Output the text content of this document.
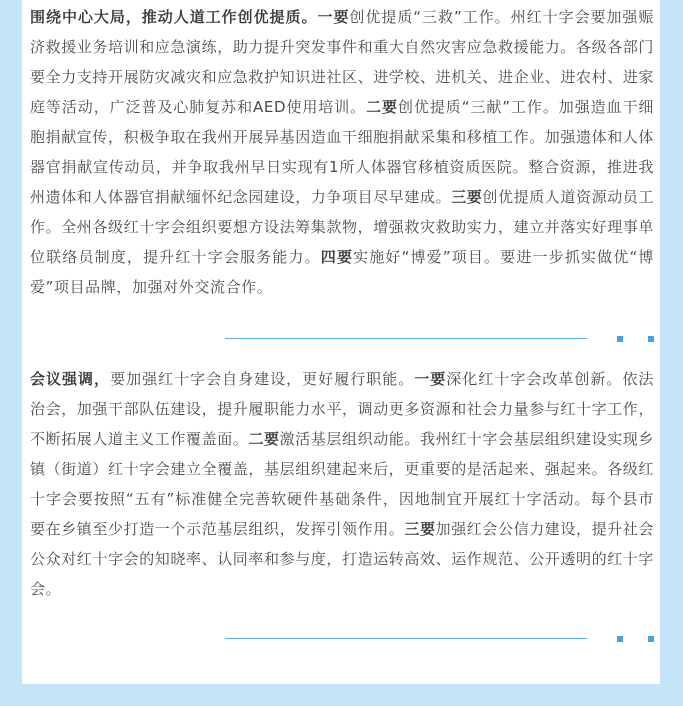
围绕中心大局，推动人道工作创优提质。一要创优提质“三救”工作。州红十字会要加强赈济救援业务培训和应急演练，助力提升突发事件和重大自然灾害应急救援能力。各级各部门要全力支持开展防灾减灾和应急救护知识进社区、进学校、进机关、进企业、进农村、进家庭等活动，广泛普及心肺复苏和AED使用培训。二要创优提质“三献”工作。加强造血干细胞捐献宣传，积极争取在我州开展异基因造血干细胞捐献采集和移植工作。加强遗体和人体器官捐献宣传动员，并争取我州早日实现有1所人体器官移植资质医院。整合资源，推进我州遗体和人体器官捐献缅怀纪念园建设，力争项目尽早建成。三要创优提质人道资源动员工作。全州各级红十字会组织要想方设法筹集款物，增强救灾救助实力，建立并落实好理事单位联络员制度，提升红十字会服务能力。四要实施好“博爱”项目。要进一步抓实做优“博爱”项目品牌，加强对外交流合作。

会议强调，要加强红十字会自身建设，更好履行职能。一要深化红十字会改革创新。依法治会，加强干部队伍建设，提升履职能力水平，调动更多资源和社会力量参与红十字工作，不断拓展人道主义工作覆盖面。二要激活基层组织动能。我州红十字会基层组织建设实现乡镇（街道）红十字会建立全覆盖，基层组织建起来后，更重要的是活起来、强起来。各级红十字会要按照“五有”标准健全完善软硬件基础条件，因地制宜开展红十字活动。每个县市要在乡镇至少打造一个示范基层组织，发挥引领作用。三要加强红会公信力建设，提升社会公众对红十字会的知晓率、认同率和参与度，打造运转高效、运作规范、公开透明的红十字会。
